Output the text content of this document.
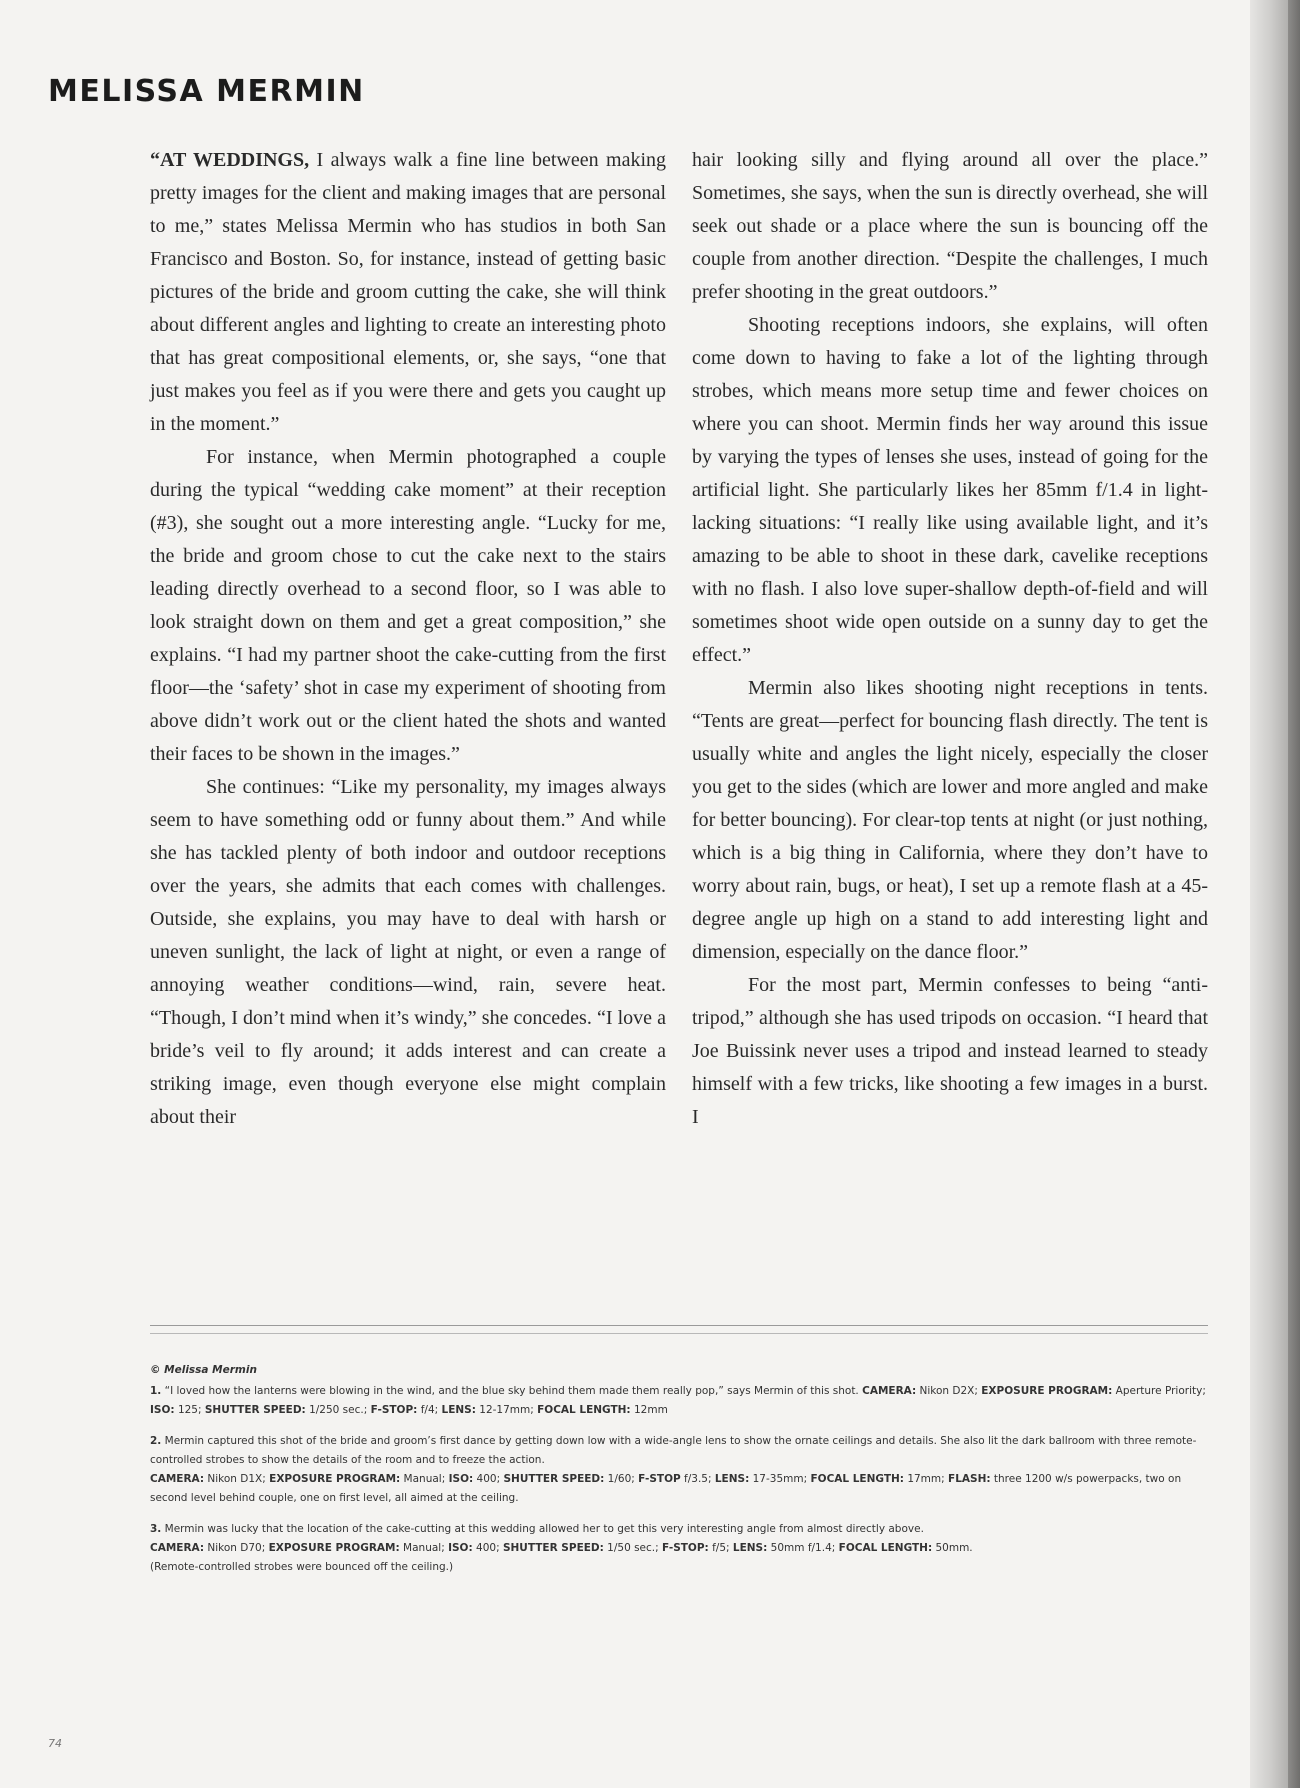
MELISSA MERMIN

“AT WEDDINGS, I always walk a fine line between making pretty images for the client and making images that are personal to me,” states Melissa Mermin who has studios in both San Francisco and Boston. So, for instance, instead of getting basic pictures of the bride and groom cutting the cake, she will think about different angles and lighting to create an interesting photo that has great compositional elements, or, she says, “one that just makes you feel as if you were there and gets you caught up in the moment.”

For instance, when Mermin photographed a couple during the typical “wedding cake moment” at their reception (#3), she sought out a more interesting angle. “Lucky for me, the bride and groom chose to cut the cake next to the stairs leading directly overhead to a second floor, so I was able to look straight down on them and get a great composition,” she explains. “I had my partner shoot the cake-cutting from the first floor—the ‘safety’ shot in case my experiment of shooting from above didn’t work out or the client hated the shots and wanted their faces to be shown in the images.”

She continues: “Like my personality, my images always seem to have something odd or funny about them.” And while she has tackled plenty of both indoor and outdoor receptions over the years, she admits that each comes with challenges. Outside, she explains, you may have to deal with harsh or uneven sunlight, the lack of light at night, or even a range of annoying weather conditions—wind, rain, severe heat. “Though, I don’t mind when it’s windy,” she concedes. “I love a bride’s veil to fly around; it adds interest and can create a striking image, even though everyone else might complain about their

hair looking silly and flying around all over the place.” Sometimes, she says, when the sun is directly overhead, she will seek out shade or a place where the sun is bouncing off the couple from another direction. “Despite the challenges, I much prefer shooting in the great outdoors.”

Shooting receptions indoors, she explains, will often come down to having to fake a lot of the lighting through strobes, which means more setup time and fewer choices on where you can shoot. Mermin finds her way around this issue by varying the types of lenses she uses, instead of going for the artificial light. She particularly likes her 85mm f/1.4 in light-lacking situations: “I really like using available light, and it’s amazing to be able to shoot in these dark, cavelike receptions with no flash. I also love super-shallow depth-of-field and will sometimes shoot wide open outside on a sunny day to get the effect.”

Mermin also likes shooting night receptions in tents. “Tents are great—perfect for bouncing flash directly. The tent is usually white and angles the light nicely, especially the closer you get to the sides (which are lower and more angled and make for better bouncing). For clear-top tents at night (or just nothing, which is a big thing in California, where they don’t have to worry about rain, bugs, or heat), I set up a remote flash at a 45-degree angle up high on a stand to add interesting light and dimension, especially on the dance floor.”

For the most part, Mermin confesses to being “anti-tripod,” although she has used tripods on occasion. “I heard that Joe Buissink never uses a tripod and instead learned to steady himself with a few tricks, like shooting a few images in a burst. I

© Melissa Mermin

1. “I loved how the lanterns were blowing in the wind, and the blue sky behind them made them really pop,” says Mermin of this shot. CAMERA: Nikon D2X; EXPOSURE PROGRAM: Aperture Priority; ISO: 125; SHUTTER SPEED: 1/250 sec.; F-STOP: f/4; LENS: 12-17mm; FOCAL LENGTH: 12mm

2. Mermin captured this shot of the bride and groom’s first dance by getting down low with a wide-angle lens to show the ornate ceilings and details. She also lit the dark ballroom with three remote-controlled strobes to show the details of the room and to freeze the action.
CAMERA: Nikon D1X; EXPOSURE PROGRAM: Manual; ISO: 400; SHUTTER SPEED: 1/60; F-STOP f/3.5; LENS: 17-35mm; FOCAL LENGTH: 17mm; FLASH: three 1200 w/s powerpacks, two on second level behind couple, one on first level, all aimed at the ceiling.

3. Mermin was lucky that the location of the cake-cutting at this wedding allowed her to get this very interesting angle from almost directly above.
CAMERA: Nikon D70; EXPOSURE PROGRAM: Manual; ISO: 400; SHUTTER SPEED: 1/50 sec.; F-STOP: f/5; LENS: 50mm f/1.4; FOCAL LENGTH: 50mm.
(Remote-controlled strobes were bounced off the ceiling.)

74
